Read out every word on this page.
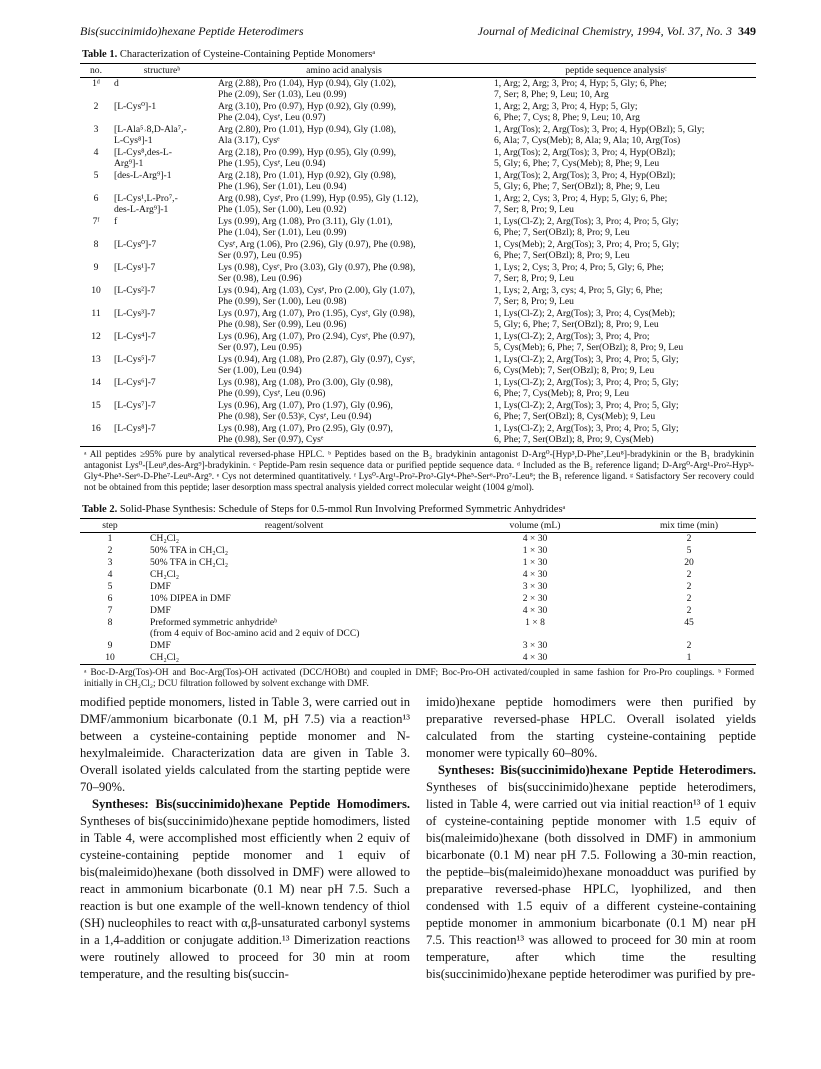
Bis(succinimido)hexane Peptide Heterodimers	Journal of Medicinal Chemistry, 1994, Vol. 37, No. 3 349
Table 1. Characterization of Cysteine-Containing Peptide Monomersᵃ
no.	structureᵇ	amino acid analysis	peptide sequence analysisᶜ
1ᵈ	d	Arg (2.88), Pro (1.04), Hyp (0.94), Gly (1.02),
Phe (2.09), Ser (1.03), Leu (0.99)	1, Arg; 2, Arg; 3, Pro; 4, Hyp; 5, Gly; 6, Phe;
7, Ser; 8, Phe; 9, Leu; 10, Arg
2	[L-Cys⁰]-1	Arg (3.10), Pro (0.97), Hyp (0.92), Gly (0.99),
Phe (2.04), Cysᵉ, Leu (0.97)	1, Arg; 2, Arg; 3, Pro; 4, Hyp; 5, Gly;
6, Phe; 7, Cys; 8, Phe; 9, Leu; 10, Arg
3	[L-Ala⁵˒8,D-Ala⁷,-
L-Cys⁸]-1	Arg (2.80), Pro (1.01), Hyp (0.94), Gly (1.08),
Ala (3.17), Cysᵉ	1, Arg(Tos); 2, Arg(Tos); 3, Pro; 4, Hyp(OBzl); 5, Gly;
6, Ala; 7, Cys(Meb); 8, Ala; 9, Ala; 10, Arg(Tos)
4	[L-Cys⁸,des-L-
Arg⁹]-1	Arg (2.18), Pro (0.99), Hyp (0.95), Gly (0.99),
Phe (1.95), Cysᵉ, Leu (0.94)	1, Arg(Tos); 2, Arg(Tos); 3, Pro; 4, Hyp(OBzl);
5, Gly; 6, Phe; 7, Cys(Meb); 8, Phe; 9, Leu
5	[des-L-Arg⁹]-1	Arg (2.18), Pro (1.01), Hyp (0.92), Gly (0.98),
Phe (1.96), Ser (1.01), Leu (0.94)	1, Arg(Tos); 2, Arg(Tos); 3, Pro; 4, Hyp(OBzl);
5, Gly; 6, Phe; 7, Ser(OBzl); 8, Phe; 9, Leu
6	[L-Cys¹,L-Pro⁷,-
des-L-Arg⁹]-1	Arg (0.98), Cysᵉ, Pro (1.99), Hyp (0.95), Gly (1.12),
Phe (1.05), Ser (1.00), Leu (0.92)	1, Arg; 2, Cys; 3, Pro; 4, Hyp; 5, Gly; 6, Phe;
7, Ser; 8, Pro; 9, Leu
7ᶠ	f	Lys (0.99), Arg (1.08), Pro (3.11), Gly (1.01),
Phe (1.04), Ser (1.01), Leu (0.99)	1, Lys(Cl-Z); 2, Arg(Tos); 3, Pro; 4, Pro; 5, Gly;
6, Phe; 7, Ser(OBzl); 8, Pro; 9, Leu
8	[L-Cys⁰]-7	Cysᵉ, Arg (1.06), Pro (2.96), Gly (0.97), Phe (0.98),
Ser (0.97), Leu (0.95)	1, Cys(Meb); 2, Arg(Tos); 3, Pro; 4, Pro; 5, Gly;
6, Phe; 7, Ser(OBzl); 8, Pro; 9, Leu
9	[L-Cys¹]-7	Lys (0.98), Cysᵉ, Pro (3.03), Gly (0.97), Phe (0.98),
Ser (0.98), Leu (0.96)	1, Lys; 2, Cys; 3, Pro; 4, Pro; 5, Gly; 6, Phe;
7, Ser; 8, Pro; 9, Leu
10	[L-Cys²]-7	Lys (0.94), Arg (1.03), Cysᵉ, Pro (2.00), Gly (1.07),
Phe (0.99), Ser (1.00), Leu (0.98)	1, Lys; 2, Arg; 3, cys; 4, Pro; 5, Gly; 6, Phe;
7, Ser; 8, Pro; 9, Leu
11	[L-Cys³]-7	Lys (0.97), Arg (1.07), Pro (1.95), Cysᵉ, Gly (0.98),
Phe (0.98), Ser (0.99), Leu (0.96)	1, Lys(Cl-Z); 2, Arg(Tos); 3, Pro; 4, Cys(Meb);
5, Gly; 6, Phe; 7, Ser(OBzl); 8, Pro; 9, Leu
12	[L-Cys⁴]-7	Lys (0.96), Arg (1.07), Pro (2.94), Cysᵉ, Phe (0.97),
Ser (0.97), Leu (0.95)	1, Lys(Cl-Z); 2, Arg(Tos); 3, Pro; 4, Pro;
5, Cys(Meb); 6, Phe; 7, Ser(OBzl); 8, Pro; 9, Leu
13	[L-Cys⁵]-7	Lys (0.94), Arg (1.08), Pro (2.87), Gly (0.97), Cysᵉ,
Ser (1.00), Leu (0.94)	1, Lys(Cl-Z); 2, Arg(Tos); 3, Pro; 4, Pro; 5, Gly;
6, Cys(Meb); 7, Ser(OBzl); 8, Pro; 9, Leu
14	[L-Cys⁶]-7	Lys (0.98), Arg (1.08), Pro (3.00), Gly (0.98),
Phe (0.99), Cysᵉ, Leu (0.96)	1, Lys(Cl-Z); 2, Arg(Tos); 3, Pro; 4, Pro; 5, Gly;
6, Phe; 7, Cys(Meb); 8, Pro; 9, Leu
15	[L-Cys⁷]-7	Lys (0.96), Arg (1.07), Pro (1.97), Gly (0.96),
Phe (0.98), Ser (0.53)ᵍ, Cysᵉ, Leu (0.94)	1, Lys(Cl-Z); 2, Arg(Tos); 3, Pro; 4, Pro; 5, Gly;
6, Phe; 7, Ser(OBzl); 8, Cys(Meb); 9, Leu
16	[L-Cys⁸]-7	Lys (0.98), Arg (1.07), Pro (2.95), Gly (0.97),
Phe (0.98), Ser (0.97), Cysᵉ	1, Lys(Cl-Z); 2, Arg(Tos); 3, Pro; 4, Pro; 5, Gly;
6, Phe; 7, Ser(OBzl); 8, Pro; 9, Cys(Meb)
ᵃ All peptides ≥95% pure by analytical reversed-phase HPLC. ᵇ Peptides based on the B₂ bradykinin antagonist D-Arg⁰-[Hyp³,D-Phe⁷,Leu⁸]-bradykinin or the B₁ bradykinin antagonist Lys⁰-[Leu⁸,des-Arg⁹]-bradykinin. ᶜ Peptide-Pam resin sequence data or purified peptide sequence data. ᵈ Included as the B₂ reference ligand; D-Arg⁰-Arg¹-Pro²-Hyp³-Gly⁴-Phe⁵-Ser⁶-D-Phe⁷-Leu⁸-Arg⁹. ᵉ Cys not determined quantitatively. ᶠ Lys⁰-Arg¹-Pro²-Pro³-Gly⁴-Phe⁵-Ser⁶-Pro⁷-Leu⁸; the B₁ reference ligand. ᵍ Satisfactory Ser recovery could not be obtained from this peptide; laser desorption mass spectral analysis yielded correct molecular weight (1004 g/mol).
Table 2. Solid-Phase Synthesis: Schedule of Steps for 0.5-mmol Run Involving Preformed Symmetric Anhydridesᵃ
step	reagent/solvent	volume (mL)	mix time (min)
1	CH₂Cl₂	4 × 30	2
2	50% TFA in CH₂Cl₂	1 × 30	5
3	50% TFA in CH₂Cl₂	1 × 30	20
4	CH₂Cl₂	4 × 30	2
5	DMF	3 × 30	2
6	10% DIPEA in DMF	2 × 30	2
7	DMF	4 × 30	2
8	Preformed symmetric anhydrideᵇ
(from 4 equiv of Boc-amino acid and 2 equiv of DCC)	1 × 8	45
9	DMF	3 × 30	2
10	CH₂Cl₂	4 × 30	1
ᵃ Boc-D-Arg(Tos)-OH and Boc-Arg(Tos)-OH activated (DCC/HOBt) and coupled in DMF; Boc-Pro-OH activated/coupled in same fashion for Pro-Pro couplings. ᵇ Formed initially in CH₂Cl₂; DCU filtration followed by solvent exchange with DMF.

modified peptide monomers, listed in Table 3, were carried out in DMF/ammonium bicarbonate (0.1 M, pH 7.5) via a reaction¹³ between a cysteine-containing peptide monomer and N-hexylmaleimide. Characterization data are given in Table 3. Overall isolated yields calculated from the starting peptide were 70–90%.

Syntheses: Bis(succinimido)hexane Peptide Homodimers. Syntheses of bis(succinimido)hexane peptide homodimers, listed in Table 4, were accomplished most efficiently when 2 equiv of cysteine-containing peptide monomer and 1 equiv of bis(maleimido)hexane (both dissolved in DMF) were allowed to react in ammonium bicarbonate (0.1 M) near pH 7.5. Such a reaction is but one example of the well-known tendency of thiol (SH) nucleophiles to react with α,β-unsaturated carbonyl systems in a 1,4-addition or conjugate addition.¹³ Dimerization reactions were routinely allowed to proceed for 30 min at room temperature, and the resulting bis(succin-

imido)hexane peptide homodimers were then purified by preparative reversed-phase HPLC. Overall isolated yields calculated from the starting cysteine-containing peptide monomer were typically 60–80%.

Syntheses: Bis(succinimido)hexane Peptide Heterodimers. Syntheses of bis(succinimido)hexane peptide heterodimers, listed in Table 4, were carried out via initial reaction¹³ of 1 equiv of cysteine-containing peptide monomer with 1.5 equiv of bis(maleimido)hexane (both dissolved in DMF) in ammonium bicarbonate (0.1 M) near pH 7.5. Following a 30-min reaction, the peptide–bis(maleimido)hexane monoadduct was purified by preparative reversed-phase HPLC, lyophilized, and then condensed with 1.5 equiv of a different cysteine-containing peptide monomer in ammonium bicarbonate (0.1 M) near pH 7.5. This reaction¹³ was allowed to proceed for 30 min at room temperature, after which time the resulting bis(succinimido)hexane peptide heterodimer was purified by pre-
